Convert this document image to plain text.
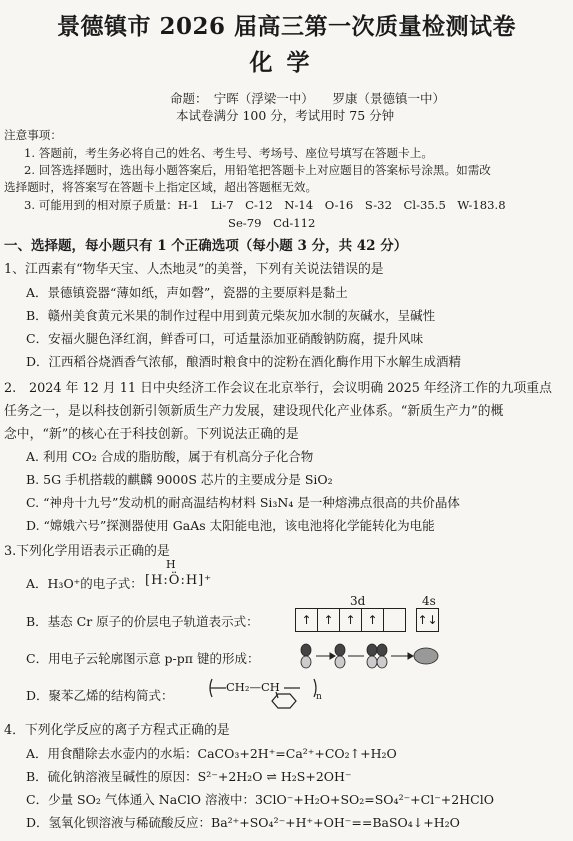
景德镇市 2026 届高三第一次质量检测试卷
化学
命题：　宁晖（浮梁一中）　　罗康（景德镇一中）
本试卷满分 100 分，考试用时 75 分钟
注意事项：
1. 答题前，考生务必将自己的姓名、考生号、考场号、座位号填写在答题卡上。
2. 回答选择题时，选出每小题答案后，用铅笔把答题卡上对应题目的答案标号涂黑。如需改
选择题时，将答案写在答题卡上指定区域，超出答题框无效。
3. 可能用到的相对原子质量：H-1　Li-7　C-12　N-14　O-16　S-32　Cl-35.5　W-183.8
Se-79　Cd-112
一、选择题，每小题只有 1 个正确选项（每小题 3 分，共 42 分）
1、江西素有“物华天宝、人杰地灵”的美誉，下列有关说法错误的是
A．景德镇瓷器“薄如纸，声如磬”，瓷器的主要原料是黏土
B．赣州美食黄元米果的制作过程中用到黄元柴灰加水制的灰碱水，呈碱性
C．安福火腿色泽红润，鲜香可口，可适量添加亚硝酸钠防腐，提升风味
D．江西稻谷烧酒香气浓郁，酿酒时粮食中的淀粉在酒化酶作用下水解生成酒精
2.　2024 年 12 月 11 日中央经济工作会议在北京举行，会议明确 2025 年经济工作的九项重点
任务之一，是以科技创新引领新质生产力发展，建设现代化产业体系。“新质生产力”的概
念中，“新”的核心在于科技创新。下列说法正确的是
A. 利用 CO₂ 合成的脂肪酸，属于有机高分子化合物
B. 5G 手机搭载的麒麟 9000S 芯片的主要成分是 SiO₂
C. “神舟十九号”发动机的耐高温结构材料 Si₃N₄ 是一种熔沸点很高的共价晶体
D. “嫦娥六号”探测器使用 GaAs 太阳能电池，该电池将化学能转化为电能
3.下列化学用语表示正确的是
A．H₃O⁺的电子式：
H
[H:Ö:H]⁺
B．基态 Cr 原子的价层电子轨道表示式：
3d	4s
↑ ↑ ↑ ↑	↑↓
C．用电子云轮廓图示意 p-pπ 键的形成：
D．聚苯乙烯的结构简式：
CH₂—CH
n
4．下列化学反应的离子方程式正确的是
A．用食醋除去水壶内的水垢：CaCO₃+2H⁺=Ca²⁺+CO₂↑+H₂O
B．硫化钠溶液呈碱性的原因：S²⁻+2H₂O ⇌ H₂S+2OH⁻
C．少量 SO₂ 气体通入 NaClO 溶液中：3ClO⁻+H₂O+SO₂=SO₄²⁻+Cl⁻+2HClO
D．氢氧化钡溶液与稀硫酸反应：Ba²⁺+SO₄²⁻+H⁺+OH⁻==BaSO₄↓+H₂O
